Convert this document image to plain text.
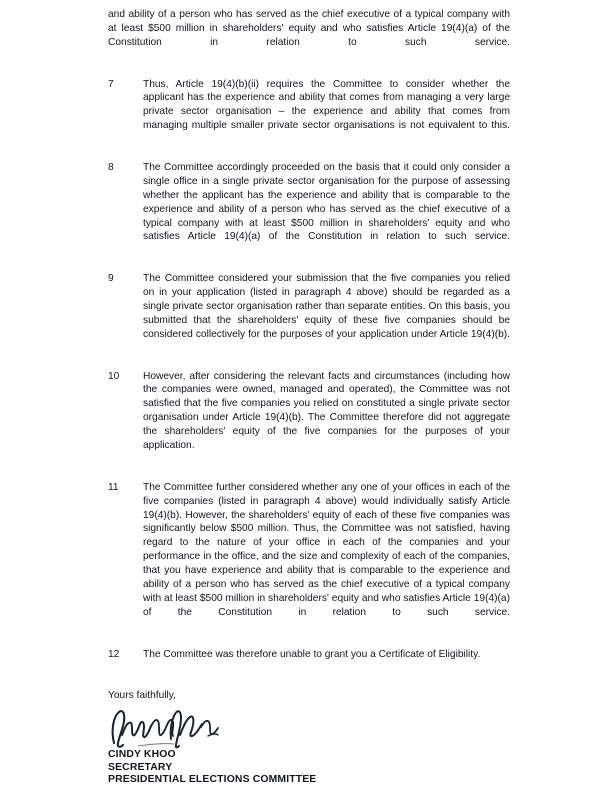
and ability of a person who has served as the chief executive of a typical company with at least $500 million in shareholders' equity and who satisfies Article 19(4)(a) of the Constitution in relation to such service.
7	Thus, Article 19(4)(b)(ii) requires the Committee to consider whether the applicant has the experience and ability that comes from managing a very large private sector organisation – the experience and ability that comes from managing multiple smaller private sector organisations is not equivalent to this.
8	The Committee accordingly proceeded on the basis that it could only consider a single office in a single private sector organisation for the purpose of assessing whether the applicant has the experience and ability that is comparable to the experience and ability of a person who has served as the chief executive of a typical company with at least $500 million in shareholders' equity and who satisfies Article 19(4)(a) of the Constitution in relation to such service.
9	The Committee considered your submission that the five companies you relied on in your application (listed in paragraph 4 above) should be regarded as a single private sector organisation rather than separate entities. On this basis, you submitted that the shareholders' equity of these five companies should be considered collectively for the purposes of your application under Article 19(4)(b).
10	However, after considering the relevant facts and circumstances (including how the companies were owned, managed and operated), the Committee was not satisfied that the five companies you relied on constituted a single private sector organisation under Article 19(4)(b). The Committee therefore did not aggregate the shareholders' equity of the five companies for the purposes of your application.
11	The Committee further considered whether any one of your offices in each of the five companies (listed in paragraph 4 above) would individually satisfy Article 19(4)(b). However, the shareholders' equity of each of these five companies was significantly below $500 million. Thus, the Committee was not satisfied, having regard to the nature of your office in each of the companies and your performance in the office, and the size and complexity of each of the companies, that you have experience and ability that is comparable to the experience and ability of a person who has served as the chief executive of a typical company with at least $500 million in shareholders' equity and who satisfies Article 19(4)(a) of the Constitution in relation to such service.
12	The Committee was therefore unable to grant you a Certificate of Eligibility.

Yours faithfully,

CINDY KHOO

SECRETARY

PRESIDENTIAL ELECTIONS COMMITTEE
